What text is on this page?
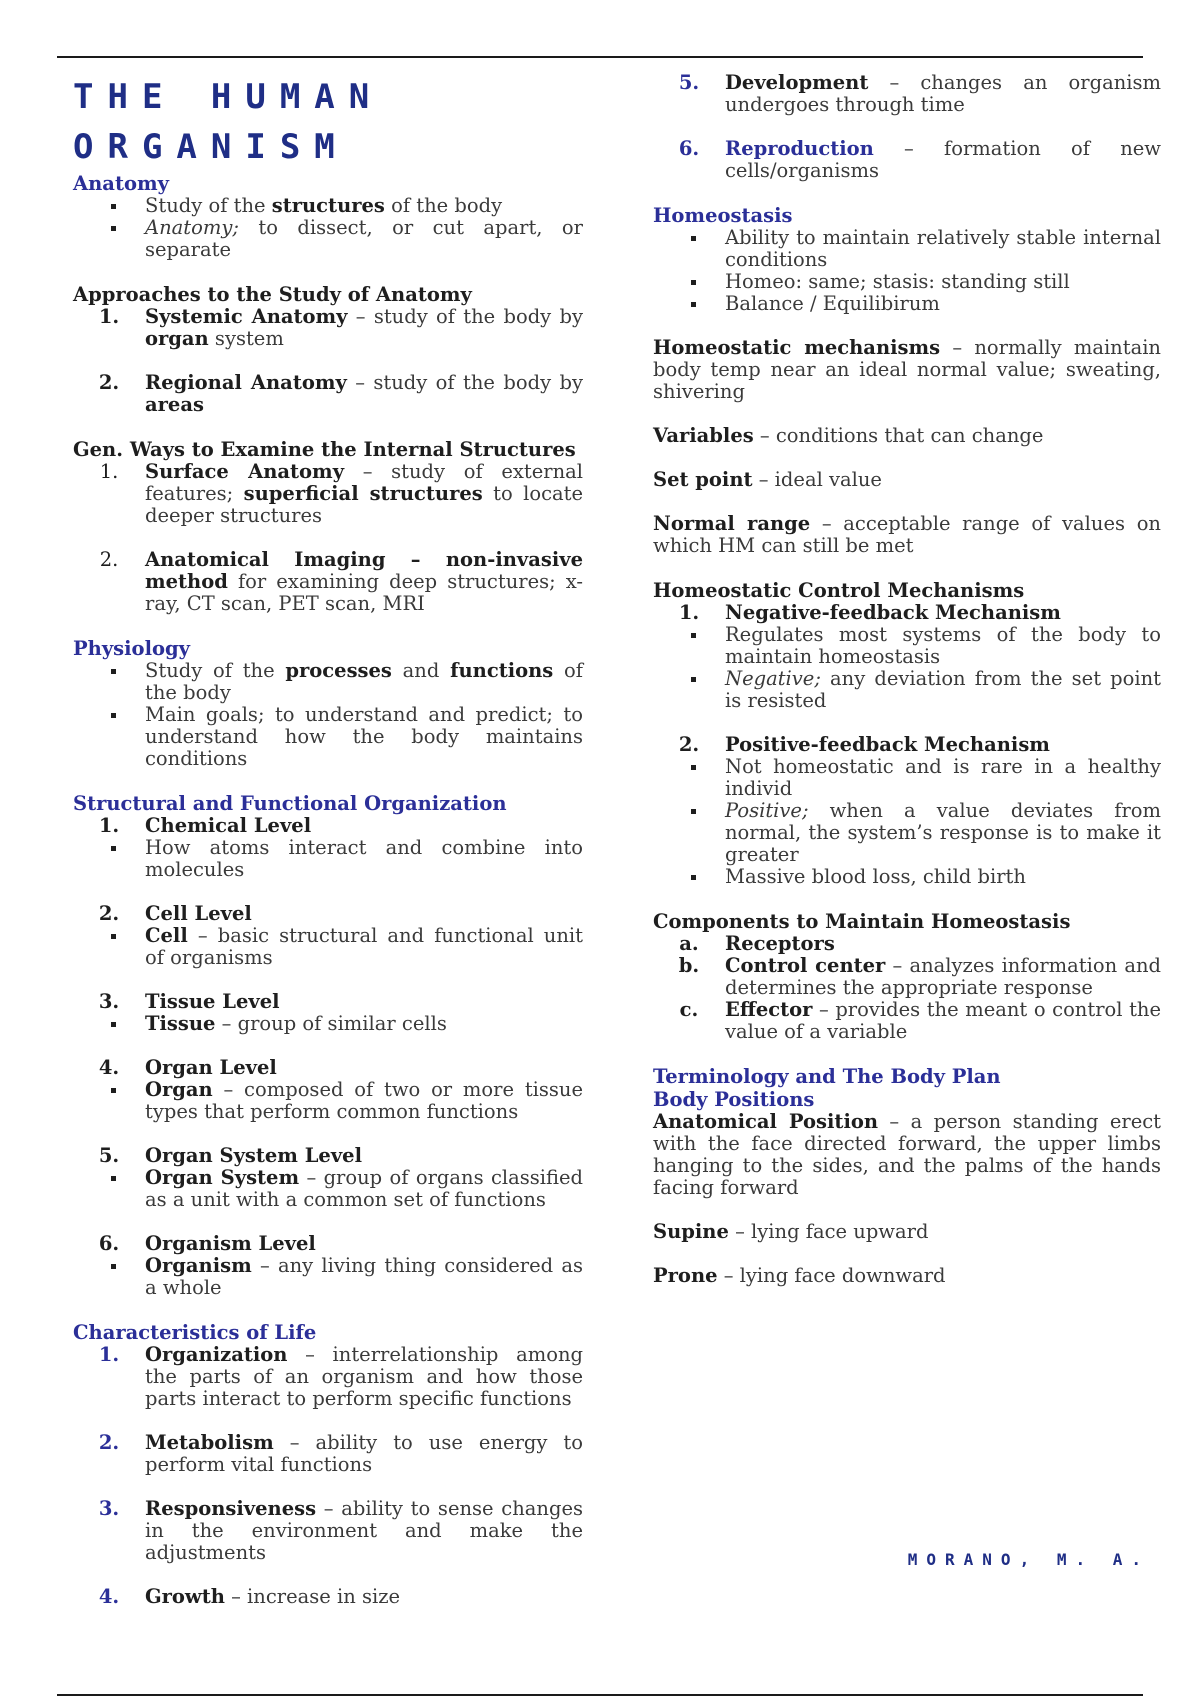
THE HUMAN

ORGANISM

Anatomy

Study of the structures of the body
Anatomy; to dissect, or cut apart, or separate

Approaches to the Study of Anatomy

1.	Systemic Anatomy – study of the body by organ system
2.	Regional Anatomy – study of the body by areas

Gen. Ways to Examine the Internal Structures

1.	Surface Anatomy – study of external features; superficial structures to locate deeper structures
2.	Anatomical Imaging – non-invasive method for examining deep structures; x-ray, CT scan, PET scan, MRI

Physiology

Study of the processes and functions of the body
Main goals; to understand and predict; to understand how the body maintains conditions

Structural and Functional Organization

1.	Chemical Level
How atoms interact and combine into molecules
2.	Cell Level
Cell – basic structural and functional unit of organisms
3.	Tissue Level
Tissue – group of similar cells
4.	Organ Level
Organ – composed of two or more tissue types that perform common functions
5.	Organ System Level
Organ System – group of organs classified as a unit with a common set of functions
6.	Organism Level
Organism – any living thing considered as a whole

Characteristics of Life

1.	Organization – interrelationship among the parts of an organism and how those parts interact to perform specific functions
2.	Metabolism – ability to use energy to perform vital functions
3.	Responsiveness – ability to sense changes in the environment and make the adjustments
4.	Growth – increase in size
5.	Development – changes an organism undergoes through time
6.	Reproduction – formation of new cells/organisms

Homeostasis

Ability to maintain relatively stable internal conditions
Homeo: same; stasis: standing still
Balance / Equilibirum

Homeostatic mechanisms – normally maintain body temp near an ideal normal value; sweating, shivering

Variables – conditions that can change

Set point – ideal value

Normal range – acceptable range of values on which HM can still be met

Homeostatic Control Mechanisms

1.	Negative-feedback Mechanism
Regulates most systems of the body to maintain homeostasis
Negative; any deviation from the set point is resisted
2.	Positive-feedback Mechanism
Not homeostatic and is rare in a healthy individ
Positive; when a value deviates from normal, the system’s response is to make it greater
Massive blood loss, child birth

Components to Maintain Homeostasis

a.	Receptors
b.	Control center – analyzes information and determines the appropriate response
c.	Effector – provides the meant o control the value of a variable

Terminology and The Body Plan

Body Positions

Anatomical Position – a person standing erect with the face directed forward, the upper limbs hanging to the sides, and the palms of the hands facing forward

Supine – lying face upward

Prone – lying face downward

MORANO, M. A.
